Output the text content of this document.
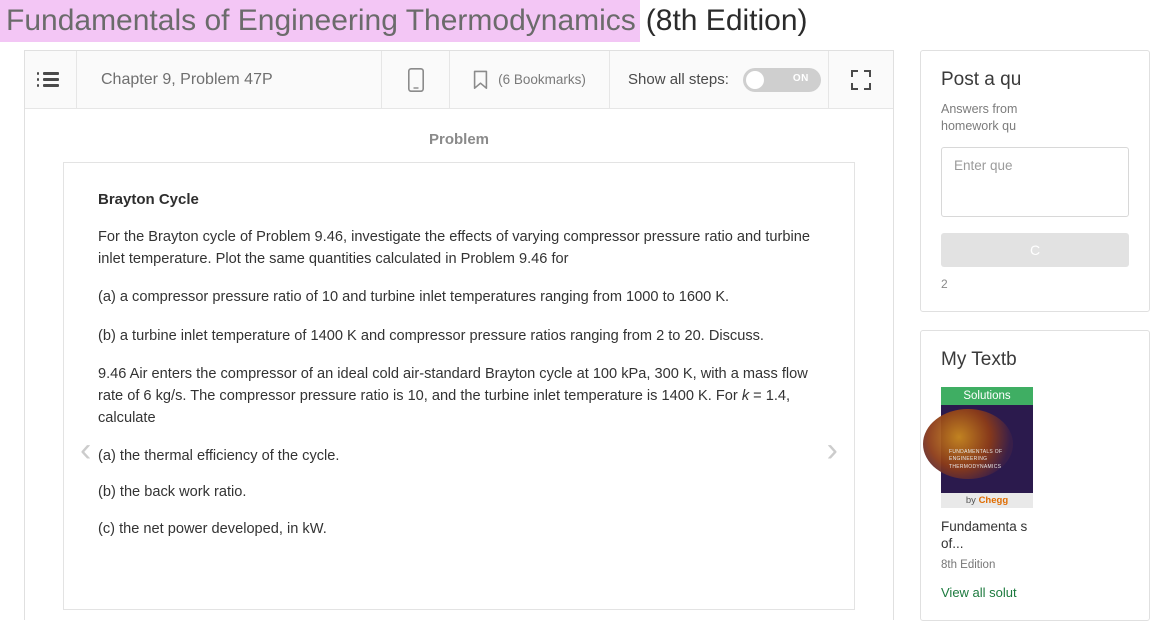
Fundamentals of Engineering Thermodynamics (8th Edition)
Chapter 9, Problem 47P	(6 Bookmarks)	Show all steps:	ON
Problem
‹	›
Brayton Cycle

For the Brayton cycle of Problem 9.46, investigate the effects of varying compressor pressure ratio and turbine inlet temperature. Plot the same quantities calculated in Problem 9.46 for

(a) a compressor pressure ratio of 10 and turbine inlet temperatures ranging from 1000 to 1600 K.

(b) a turbine inlet temperature of 1400 K and compressor pressure ratios ranging from 2 to 20. Discuss.

9.46 Air enters the compressor of an ideal cold air-standard Brayton cycle at 100 kPa, 300 K, with a mass flow rate of 6 kg/s. The compressor pressure ratio is 10, and the turbine inlet temperature is 1400 K. For k = 1.4, calculate

(a) the thermal efficiency of the cycle.

(b) the back work ratio.

(c) the net power developed, in kW.

Post a qu
Answers from
homework qu
Enter que
C
2
My Textb
Solutions
FUNDAMENTALS OF
ENGINEERING
THERMODYNAMICS
by Chegg
Fundamenta s of...
8th Edition
View all solut
